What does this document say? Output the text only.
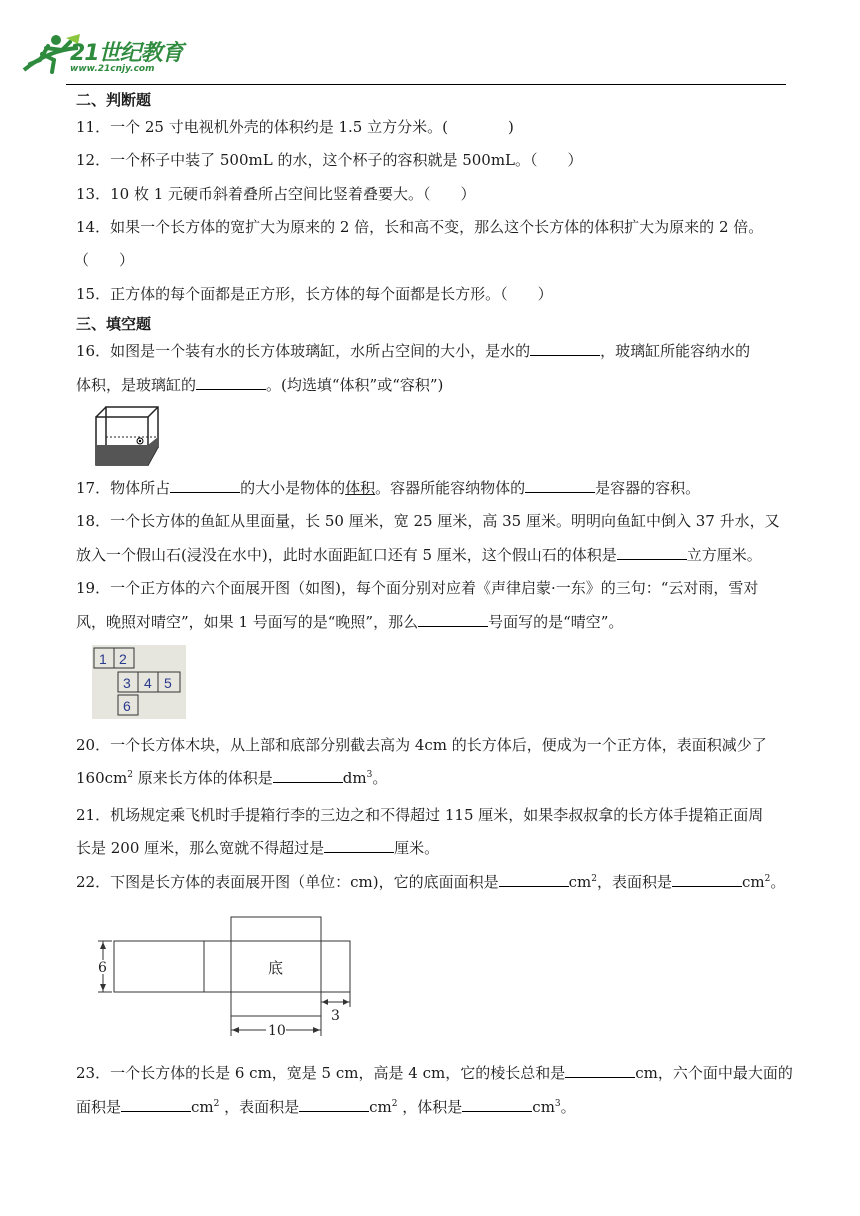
21世纪教育
www.21cnjy.com
二、判断题
11．一个 25 寸电视机外壳的体积约是 1.5 立方分米。(	)
12．一个杯子中装了 500mL 的水，这个杯子的容积就是 500mL。（　　）
13．10 枚 1 元硬币斜着叠所占空间比竖着叠要大。（　　）
14．如果一个长方体的宽扩大为原来的 2 倍，长和高不变，那么这个长方体的体积扩大为原来的 2 倍。
（　　）
15．正方体的每个面都是正方形，长方体的每个面都是长方形。（　　）
三、填空题
16．如图是一个装有水的长方体玻璃缸，水所占空间的大小，是水的	，玻璃缸所能容纳水的
体积，是玻璃缸的	。(均选填“体积”或“容积”)
17．物体所占	的大小是物体的体积。容器所能容纳物体的	是容器的容积。
18．一个长方体的鱼缸从里面量，长 50 厘米，宽 25 厘米，高 35 厘米。明明向鱼缸中倒入 37 升水，又
放入一个假山石(浸没在水中)，此时水面距缸口还有 5 厘米，这个假山石的体积是	立方厘米。
19．一个正方体的六个面展开图（如图)，每个面分别对应着《声律启蒙·一东》的三句：“云对雨，雪对
风，晚照对晴空”，如果 1 号面写的是“晚照”，那么	号面写的是“晴空”。
1 2
3 4 5
6
20．一个长方体木块，从上部和底部分别截去高为 4cm 的长方体后，便成为一个正方体，表面积减少了
$160cm^2$ 原来长方体的体积是	$dm^3$。
21．机场规定乘飞机时手提箱行李的三边之和不得超过 115 厘米，如果李叔叔拿的长方体手提箱正面周
长是 200 厘米，那么宽就不得超过是	厘米。
22．下图是长方体的表面展开图（单位：cm)，它的底面面积是	$cm^2$，表面积是	$cm^2$。
底
6
10
3
23．一个长方体的长是 6 cm，宽是 5 cm，高是 4 cm，它的棱长总和是	cm，六个面中最大面的
面积是	$cm^2$ ，表面积是	$cm^2$ ，体积是	$cm^3$。
